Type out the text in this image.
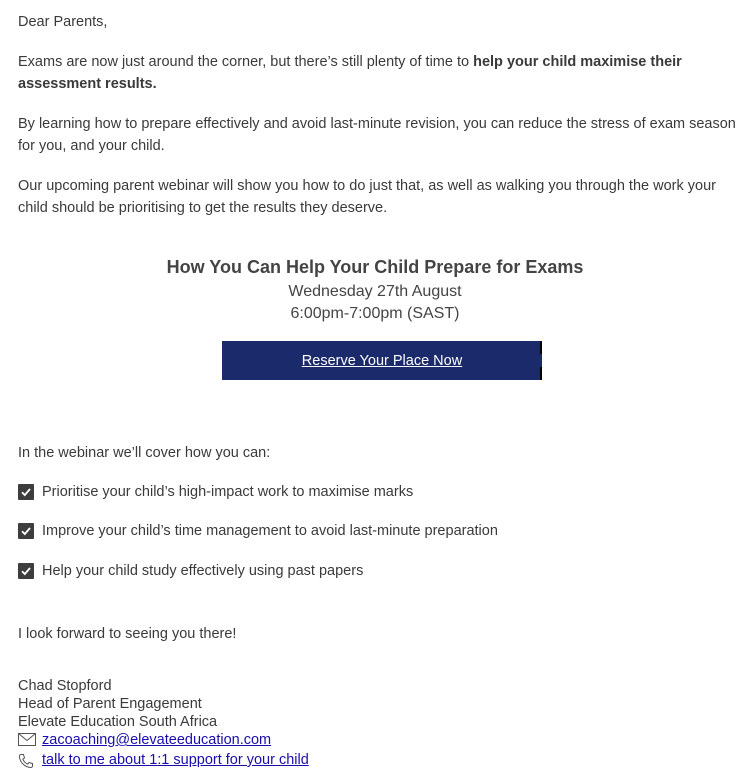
Dear Parents,

Exams are now just around the corner, but there’s still plenty of time to help your child maximise their assessment results.

By learning how to prepare effectively and avoid last-minute revision, you can reduce the stress of exam season for you, and your child.

Our upcoming parent webinar will show you how to do just that, as well as walking you through the work your child should be prioritising to get the results they deserve.

How You Can Help Your Child Prepare for Exams
Wednesday 27th August
6:00pm-7:00pm (SAST)
Reserve Your Place Now

In the webinar we’ll cover how you can:

Prioritise your child’s high-impact work to maximise marks
Improve your child’s time management to avoid last-minute preparation
Help your child study effectively using past papers

I look forward to seeing you there!

Chad Stopford
Head of Parent Engagement
Elevate Education South Africa
zacoaching@elevateeducation.com
talk to me about 1:1 support for your child
